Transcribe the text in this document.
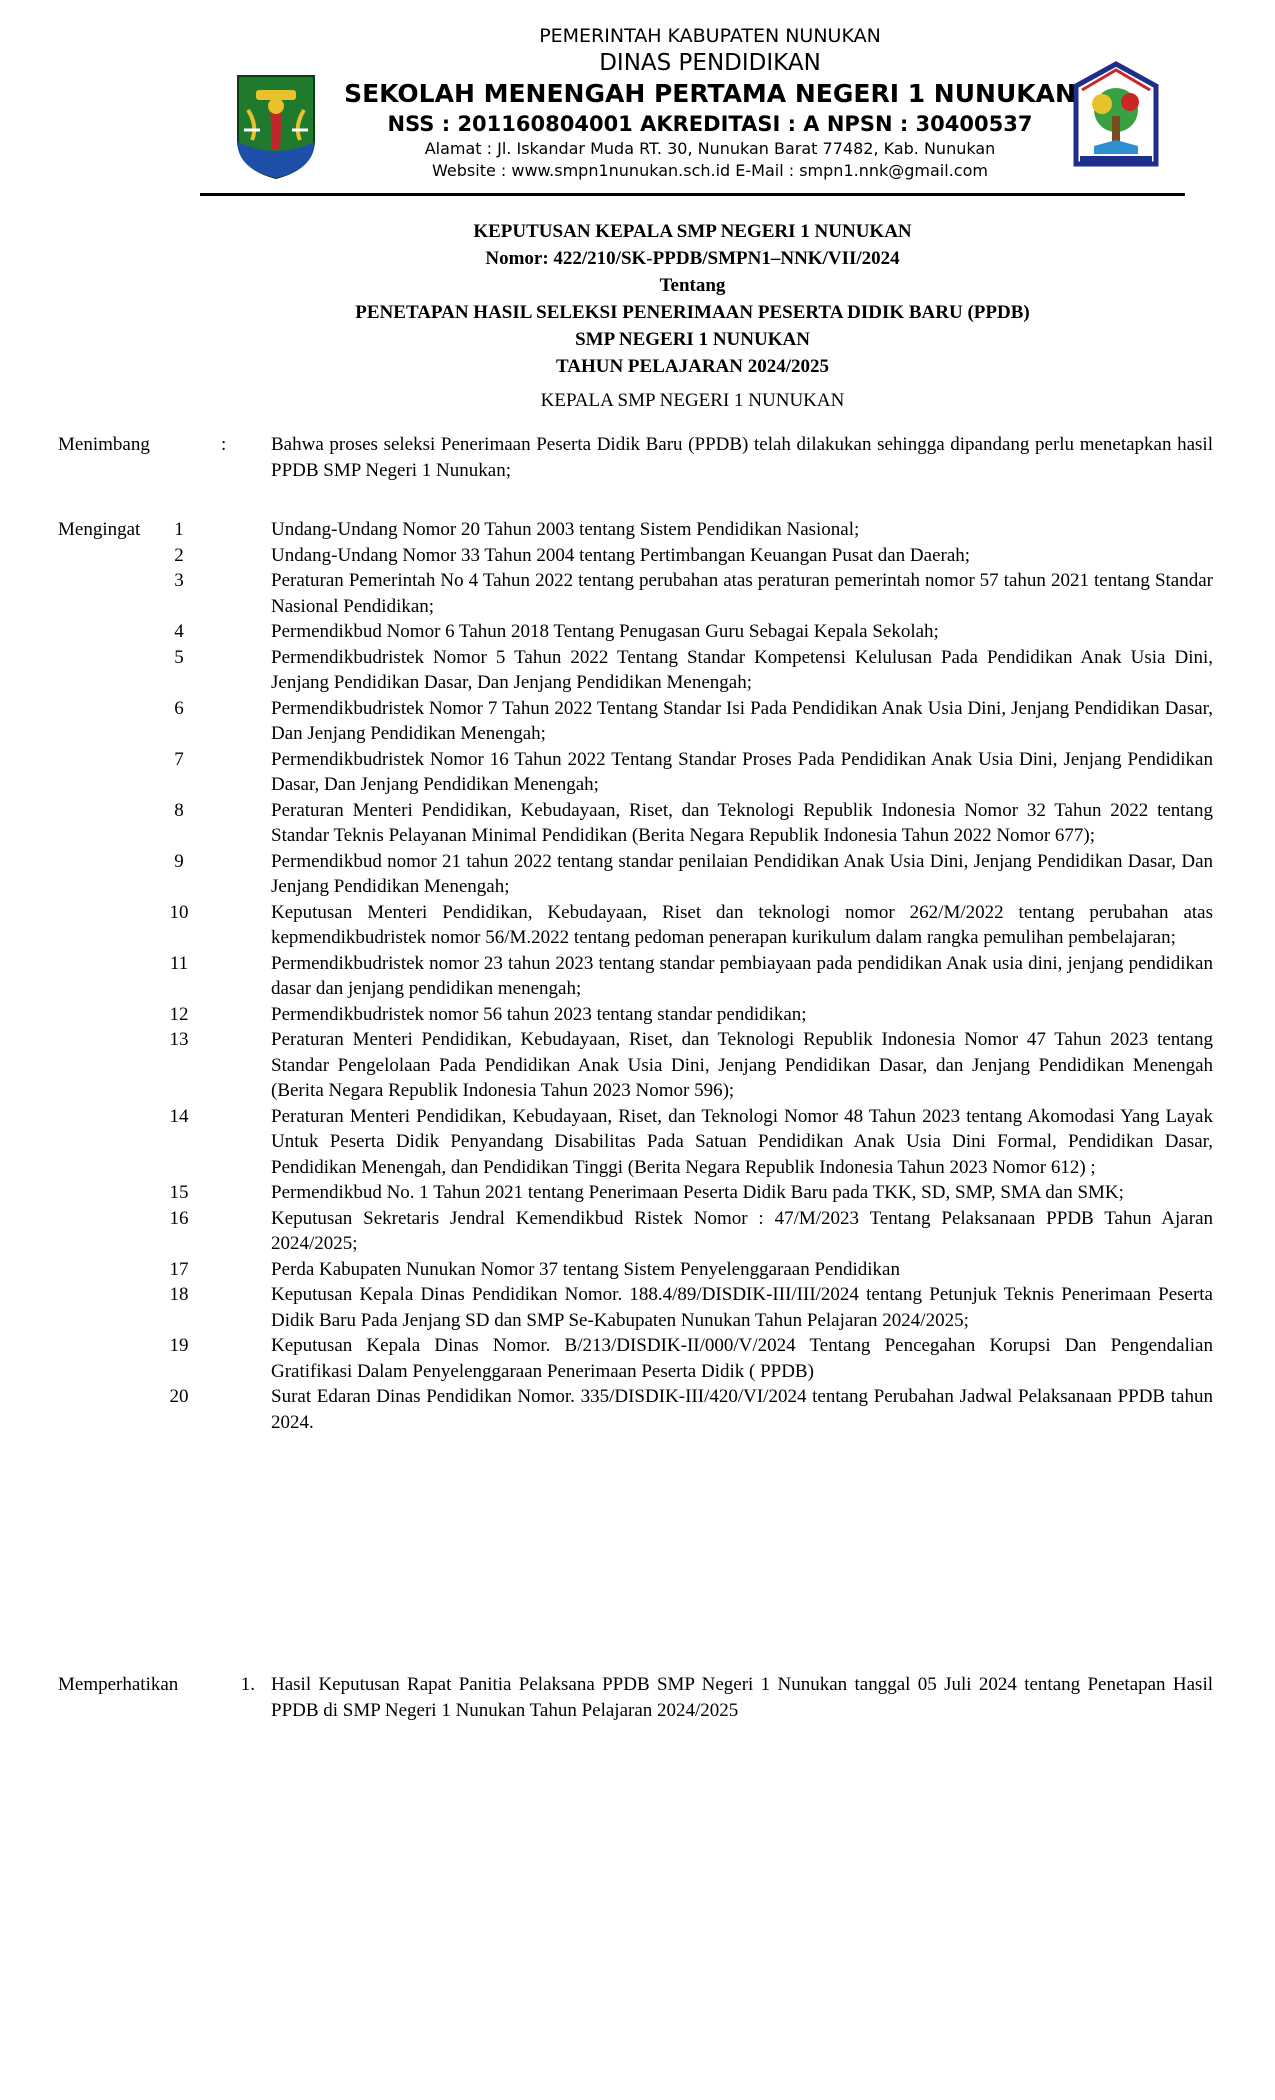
PEMERINTAH KABUPATEN NUNUKAN
DINAS PENDIDIKAN
SEKOLAH MENENGAH PERTAMA NEGERI 1 NUNUKAN
NSS : 201160804001 AKREDITASI : A NPSN : 30400537
Alamat : Jl. Iskandar Muda RT. 30, Nunukan Barat 77482, Kab. Nunukan
Website : www.smpn1nunukan.sch.id E-Mail : smpn1.nnk@gmail.com
KEPUTUSAN KEPALA SMP NEGERI 1 NUNUKAN
Nomor: 422/210/SK-PPDB/SMPN1–NNK/VII/2024
Tentang
PENETAPAN HASIL SELEKSI PENERIMAAN PESERTA DIDIK BARU (PPDB)
SMP NEGERI 1 NUNUKAN
TAHUN PELAJARAN 2024/2025
KEPALA SMP NEGERI 1 NUNUKAN
Menimbang	: Bahwa proses seleksi Penerimaan Peserta Didik Baru (PPDB) telah dilakukan sehingga dipandang perlu menetapkan hasil PPDB SMP Negeri 1 Nunukan;
Mengingat	1	Undang-Undang Nomor 20 Tahun 2003 tentang Sistem Pendidikan Nasional;
2	Undang-Undang Nomor 33 Tahun 2004 tentang Pertimbangan Keuangan Pusat dan Daerah;
3	Peraturan Pemerintah No 4 Tahun 2022 tentang perubahan atas peraturan pemerintah nomor 57 tahun 2021 tentang Standar Nasional Pendidikan;
4	Permendikbud Nomor 6 Tahun 2018 Tentang Penugasan Guru Sebagai Kepala Sekolah;
5	Permendikbudristek Nomor 5 Tahun 2022 Tentang Standar Kompetensi Kelulusan Pada Pendidikan Anak Usia Dini, Jenjang Pendidikan Dasar, Dan Jenjang Pendidikan Menengah;
6	Permendikbudristek Nomor 7 Tahun 2022 Tentang Standar Isi Pada Pendidikan Anak Usia Dini, Jenjang Pendidikan Dasar, Dan Jenjang Pendidikan Menengah;
7	Permendikbudristek Nomor 16 Tahun 2022 Tentang Standar Proses Pada Pendidikan Anak Usia Dini, Jenjang Pendidikan Dasar, Dan Jenjang Pendidikan Menengah;
8	Peraturan Menteri Pendidikan, Kebudayaan, Riset, dan Teknologi Republik Indonesia Nomor 32 Tahun 2022 tentang Standar Teknis Pelayanan Minimal Pendidikan (Berita Negara Republik Indonesia Tahun 2022 Nomor 677);
9	Permendikbud nomor 21 tahun 2022 tentang standar penilaian Pendidikan Anak Usia Dini, Jenjang Pendidikan Dasar, Dan Jenjang Pendidikan Menengah;
10	Keputusan Menteri Pendidikan, Kebudayaan, Riset dan teknologi nomor 262/M/2022 tentang perubahan atas kepmendikbudristek nomor 56/M.2022 tentang pedoman penerapan kurikulum dalam rangka pemulihan pembelajaran;
11	Permendikbudristek nomor 23 tahun 2023 tentang standar pembiayaan pada pendidikan Anak usia dini, jenjang pendidikan dasar dan jenjang pendidikan menengah;
12	Permendikbudristek nomor 56 tahun 2023 tentang standar pendidikan;
13	Peraturan Menteri Pendidikan, Kebudayaan, Riset, dan Teknologi Republik Indonesia Nomor 47 Tahun 2023 tentang Standar Pengelolaan Pada Pendidikan Anak Usia Dini, Jenjang Pendidikan Dasar, dan Jenjang Pendidikan Menengah (Berita Negara Republik Indonesia Tahun 2023 Nomor 596);
14	Peraturan Menteri Pendidikan, Kebudayaan, Riset, dan Teknologi Nomor 48 Tahun 2023 tentang Akomodasi Yang Layak Untuk Peserta Didik Penyandang Disabilitas Pada Satuan Pendidikan Anak Usia Dini Formal, Pendidikan Dasar, Pendidikan Menengah, dan Pendidikan Tinggi (Berita Negara Republik Indonesia Tahun 2023 Nomor 612) ;
15	Permendikbud No. 1 Tahun 2021 tentang Penerimaan Peserta Didik Baru pada TKK, SD, SMP, SMA dan SMK;
16	Keputusan Sekretaris Jendral Kemendikbud Ristek Nomor : 47/M/2023 Tentang Pelaksanaan PPDB Tahun Ajaran 2024/2025;
17	Perda Kabupaten Nunukan Nomor 37 tentang Sistem Penyelenggaraan Pendidikan
18	Keputusan Kepala Dinas Pendidikan Nomor. 188.4/89/DISDIK-III/III/2024 tentang Petunjuk Teknis Penerimaan Peserta Didik Baru Pada Jenjang SD dan SMP Se-Kabupaten Nunukan Tahun Pelajaran 2024/2025;
19	Keputusan Kepala Dinas Nomor. B/213/DISDIK-II/000/V/2024 Tentang Pencegahan Korupsi Dan Pengendalian Gratifikasi Dalam Penyelenggaraan Penerimaan Peserta Didik ( PPDB)
20	Surat Edaran Dinas Pendidikan Nomor. 335/DISDIK-III/420/VI/2024 tentang Perubahan Jadwal Pelaksanaan PPDB tahun 2024.
Memperhatikan	1. Hasil Keputusan Rapat Panitia Pelaksana PPDB SMP Negeri 1 Nunukan tanggal 05 Juli 2024 tentang Penetapan Hasil PPDB di SMP Negeri 1 Nunukan Tahun Pelajaran 2024/2025
